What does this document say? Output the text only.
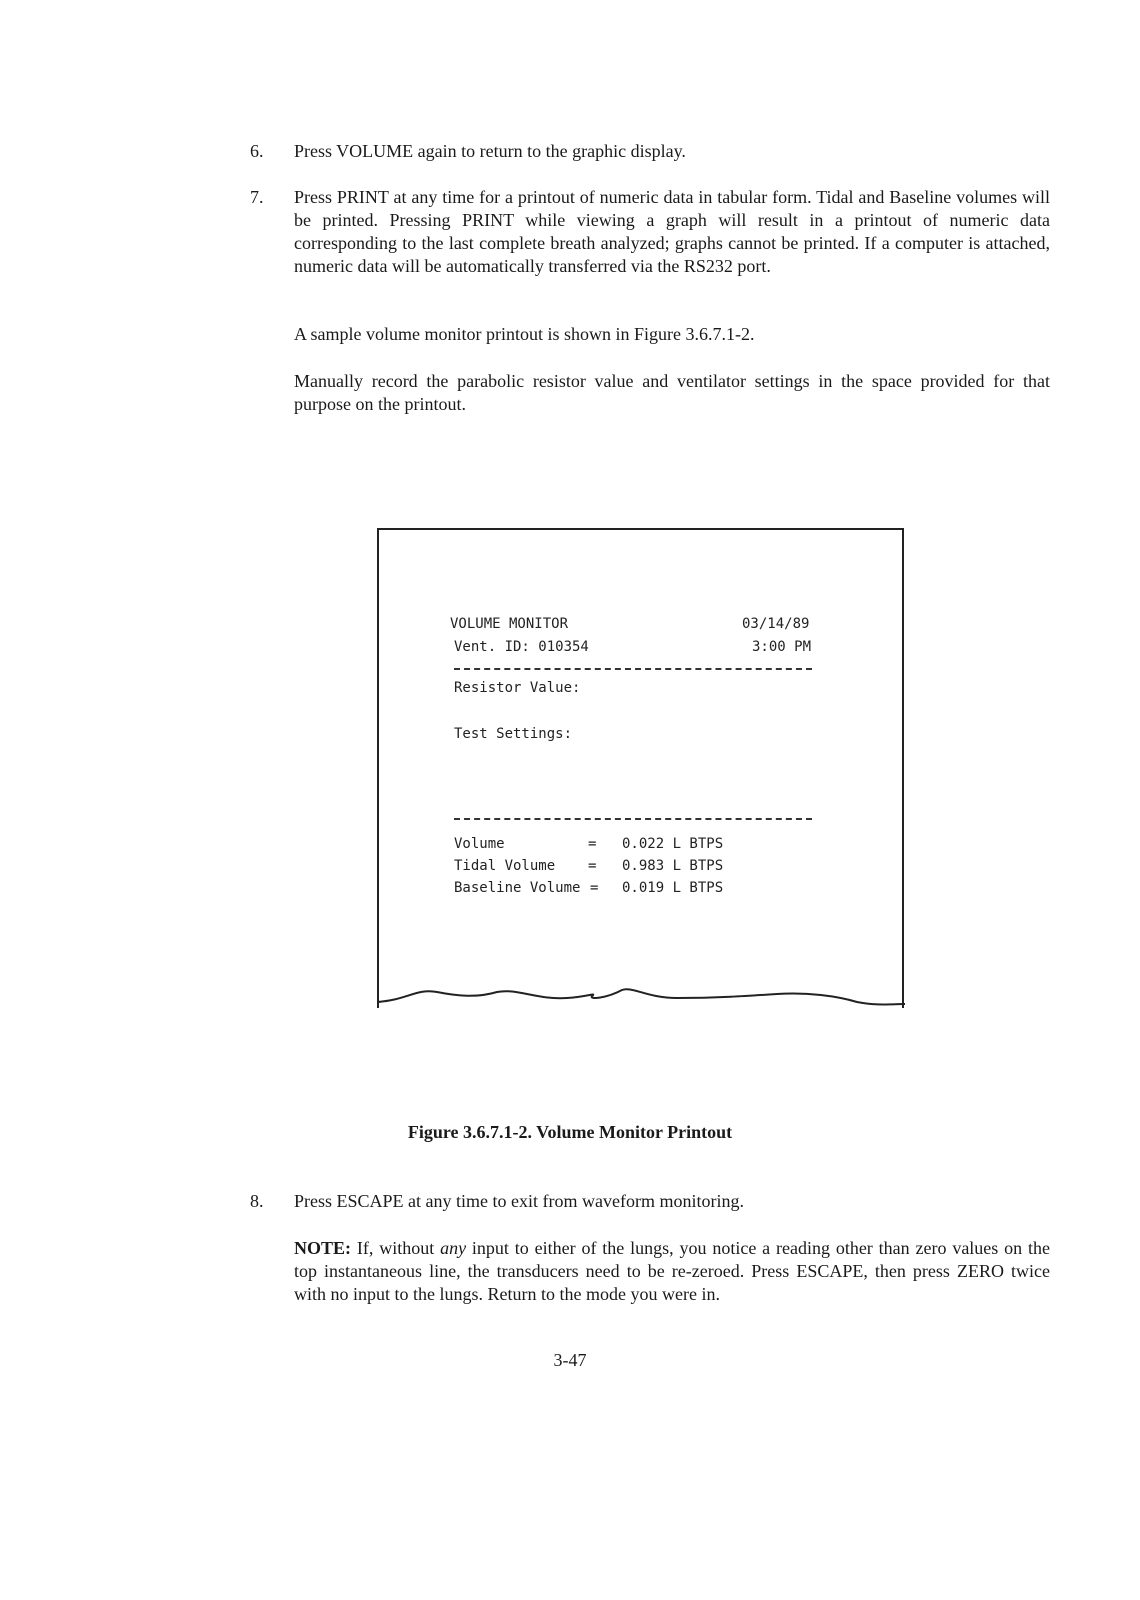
6. Press VOLUME again to return to the graphic display.
7. Press PRINT at any time for a printout of numeric data in tabular form. Tidal and Baseline volumes will be printed. Pressing PRINT while viewing a graph will result in a printout of numeric data corresponding to the last complete breath analyzed; graphs cannot be printed. If a computer is attached, numeric data will be automatically transferred via the RS232 port.
A sample volume monitor printout is shown in Figure 3.6.7.1-2.
Manually record the parabolic resistor value and ventilator settings in the space provided for that purpose on the printout.
VOLUME MONITOR	03/14/89
Vent. ID: 010354	3:00 PM
Resistor Value:
Test Settings:
Volume	= 0.022 L BTPS
Tidal Volume = 0.983 L BTPS
Baseline Volume = 0.019 L BTPS
Figure 3.6.7.1-2. Volume Monitor Printout
8. Press ESCAPE at any time to exit from waveform monitoring.
NOTE: If, without any input to either of the lungs, you notice a reading other than zero values on the top instantaneous line, the transducers need to be re-zeroed. Press ESCAPE, then press ZERO twice with no input to the lungs. Return to the mode you were in.
3-47
